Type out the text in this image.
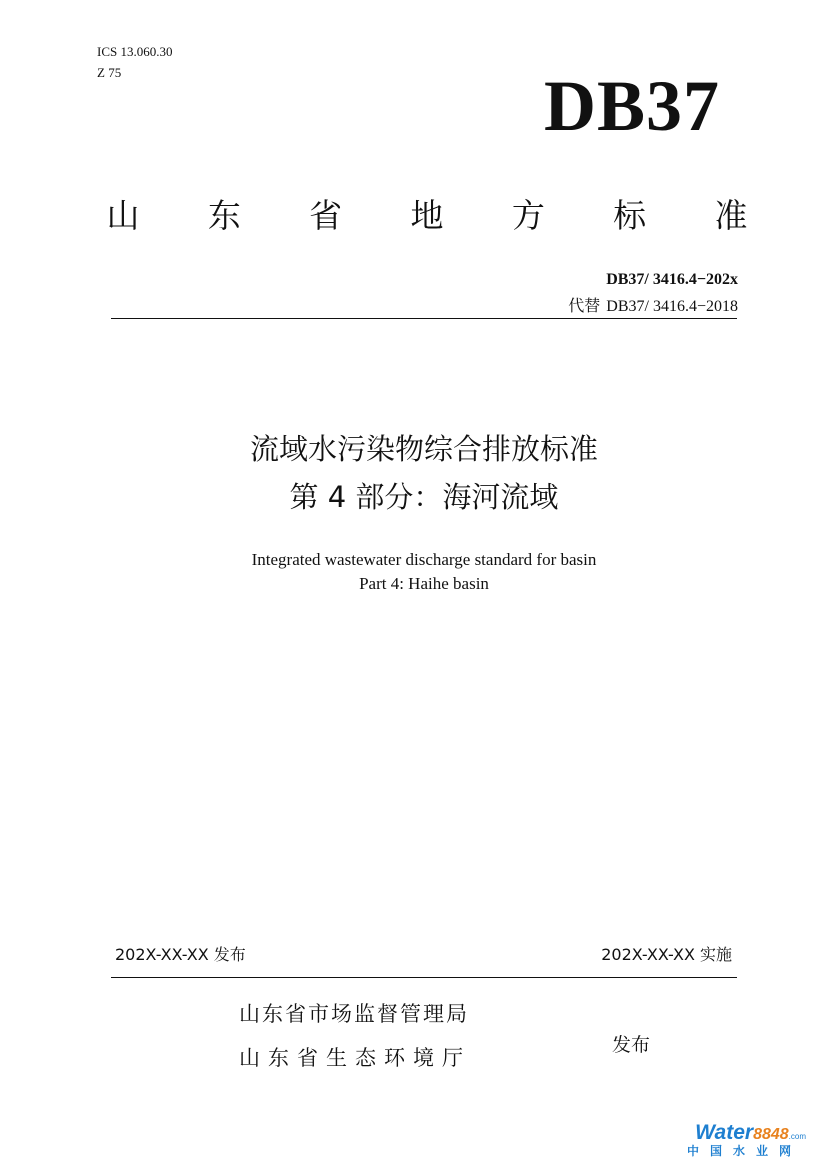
ICS 13.060.30
Z 75	DB37
山 东 省 地 方 标 准
DB37/ 3416.4−202x
代替 DB37/ 3416.4−2018
流域水污染物综合排放标准
第 4 部分：海河流域
Integrated wastewater discharge standard for basin
Part 4: Haihe basin
202X-XX-XX 发布	202X-XX-XX 实施
山东省市场监督管理局
山东省生态环境厅
发布
Water8848.com
中国水业网
